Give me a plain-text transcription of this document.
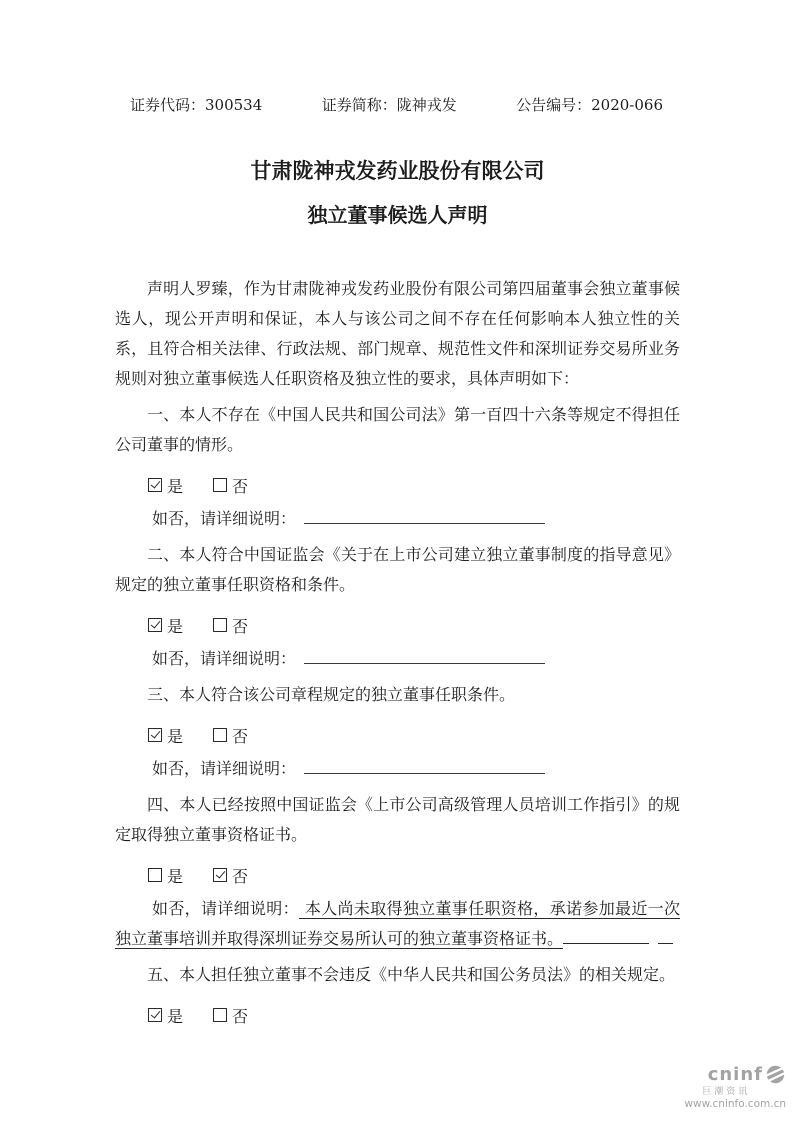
证券代码：300534	证券简称：陇神戎发	公告编号：2020-066
甘肃陇神戎发药业股份有限公司
独立董事候选人声明

声明人罗臻，作为甘肃陇神戎发药业股份有限公司第四届董事会独立董事候选人，现公开声明和保证，本人与该公司之间不存在任何影响本人独立性的关系，且符合相关法律、行政法规、部门规章、规范性文件和深圳证券交易所业务规则对独立董事候选人任职资格及独立性的要求，具体声明如下：

一、本人不存在《中国人民共和国公司法》第一百四十六条等规定不得担任公司董事的情形。

是	否
如否，请详细说明：

二、本人符合中国证监会《关于在上市公司建立独立董事制度的指导意见》规定的独立董事任职资格和条件。

是	否
如否，请详细说明：

三、本人符合该公司章程规定的独立董事任职条件。

是	否
如否，请详细说明：

四、本人已经按照中国证监会《上市公司高级管理人员培训工作指引》的规定取得独立董事资格证书。

是	否
如否，请详细说明： 本人尚未取得独立董事任职资格，承诺参加最近一次独立董事培训并取得深圳证券交易所认可的独立董事资格证书。

五、本人担任独立董事不会违反《中华人民共和国公务员法》的相关规定。

是	否
cninf
巨潮资讯
www.cninfo.com.cn
